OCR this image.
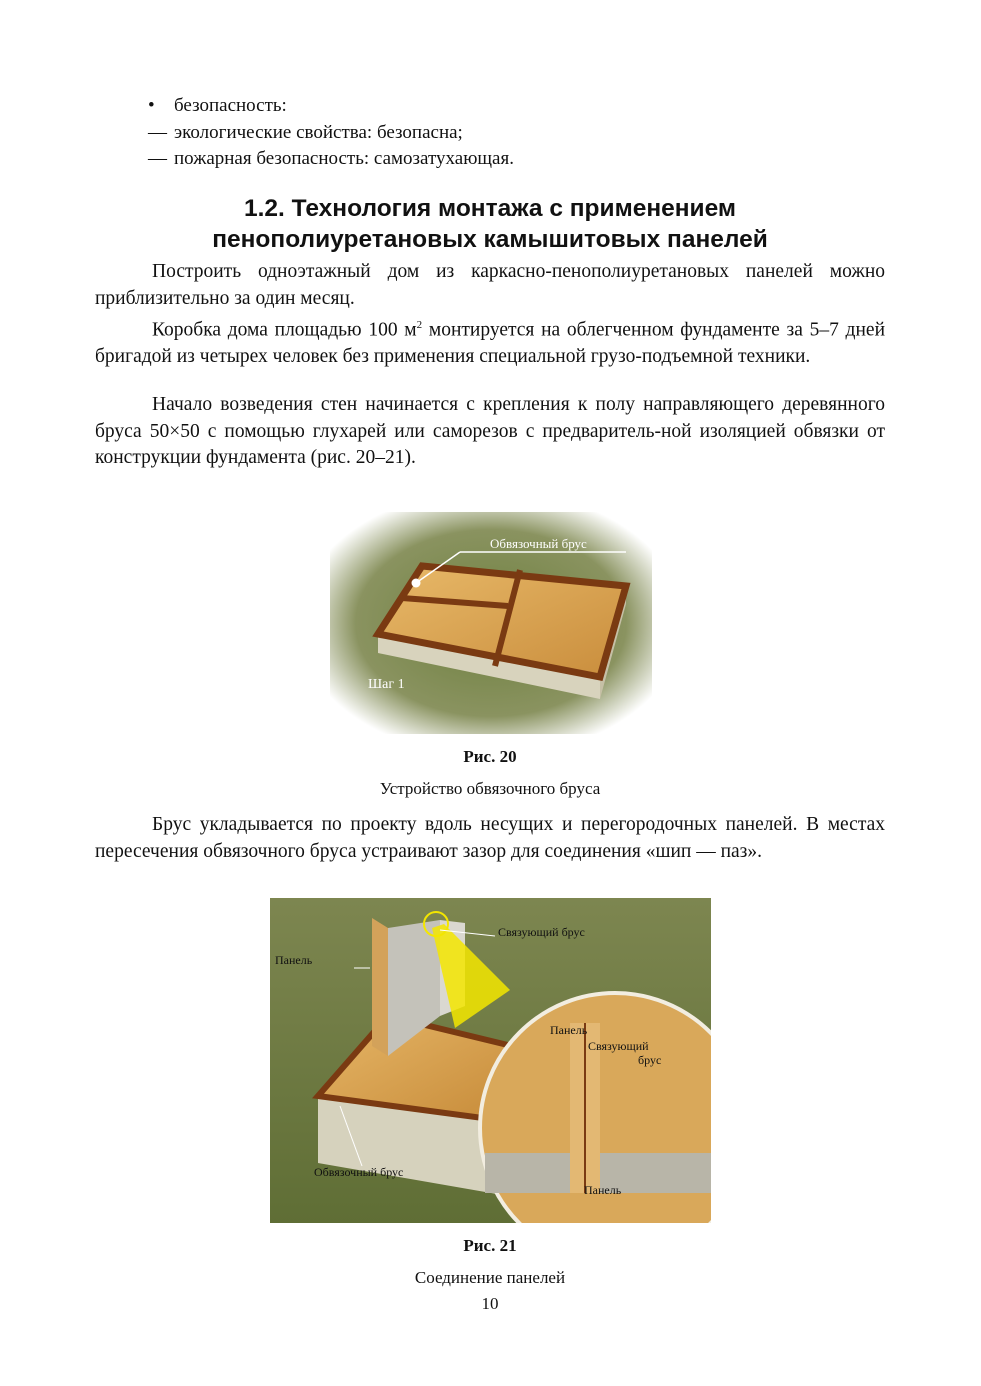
• безопасность:
— экологические свойства: безопасна;
— пожарная безопасность: самозатухающая.
1.2. Технология монтажа с применением
пенополиуретановых камышитовых панелей

Построить одноэтажный дом из каркасно-пенополиуретановых панелей можно приблизительно за один месяц.

Коробка дома площадью 100 $м^2$ монтируется на облегченном фундаменте за 5–7 дней бригадой из четырех человек без применения специальной грузо-подъемной техники.

Начало возведения стен начинается с крепления к полу направляющего деревянного бруса 50×50 с помощью глухарей или саморезов с предваритель-ной изоляцией обвязки от конструкции фундамента (рис. 20–21).

Обвязочный брус
Шаг 1
Рис. 20
Устройство обвязочного бруса

Брус укладывается по проекту вдоль несущих и перегородочных панелей. В местах пересечения обвязочного бруса устраивают зазор для соединения «шип — паз».

Панель
Связующий брус
Панель
Связующий
брус
Обвязочный брус
Панель
Рис. 21
Соединение панелей
10
